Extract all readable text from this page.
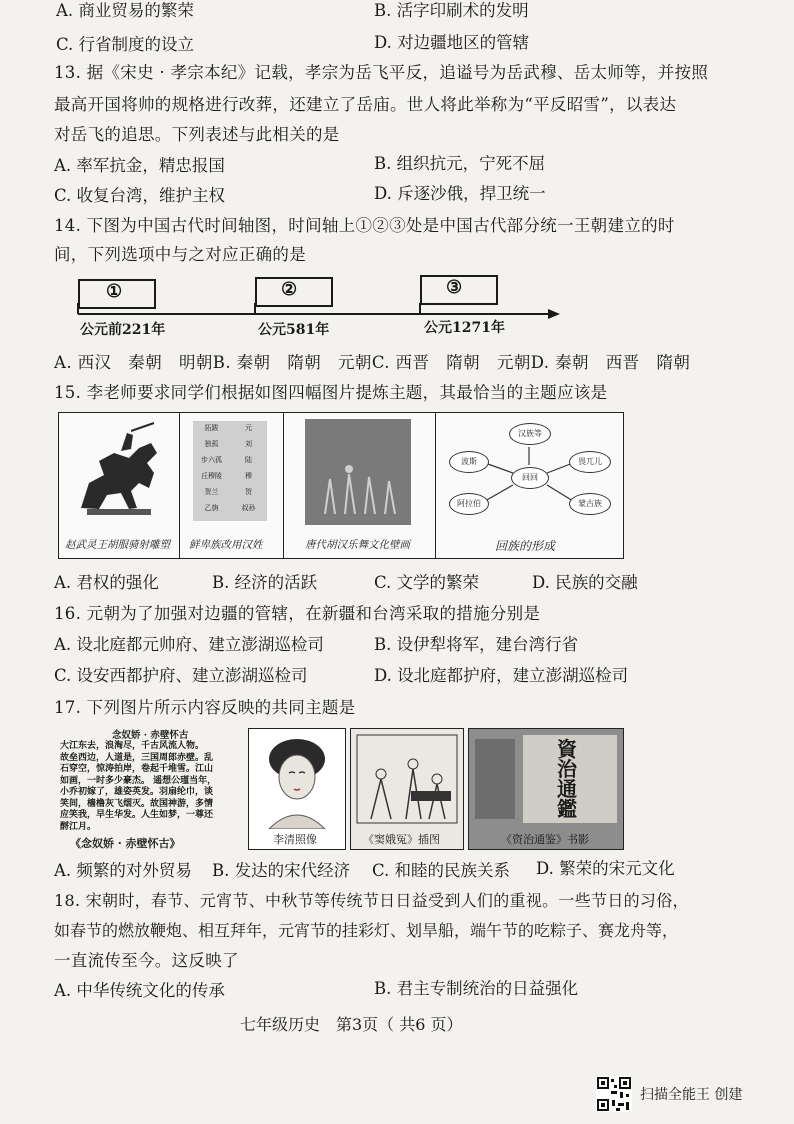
A. 商业贸易的繁荣	B. 活字印刷术的发明
C. 行省制度的设立	D. 对边疆地区的管辖
13. 据《宋史 · 孝宗本纪》记载，孝宗为岳飞平反，追谥号为岳武穆、岳太师等，并按照
最高开国将帅的规格进行改葬，还建立了岳庙。世人将此举称为“平反昭雪”，以表达
对岳飞的追思。下列表述与此相关的是
A. 率军抗金，精忠报国	B. 组织抗元，宁死不屈
C. 收复台湾，维护主权	D. 斥逐沙俄，捍卫统一
14. 下图为中国古代时间轴图，时间轴上①②③处是中国古代部分统一王朝建立的时
间，下列选项中与之对应正确的是
①	②	③
公元前221年	公元581年	公元1271年
A. 西汉　秦朝　明朝B. 秦朝　隋朝　元朝C. 西晋　隋朝　元朝D. 秦朝　西晋　隋朝
15. 李老师要求同学们根据如图四幅图片提炼主题，其最恰当的主题应该是
赵武灵王胡服骑射雕塑
拓跋	元
独孤	刘
步六孤	陆
丘穆陵	穆
贺兰	贺
乙旃	叔孙
鲜卑族改用汉姓	唐代胡汉乐舞文化壁画
汉族等
波斯
回回
畏兀儿
阿拉伯	蒙古族
回族的形成
A. 君权的强化	B. 经济的活跃	C. 文学的繁荣	D. 民族的交融
16. 元朝为了加强对边疆的管辖，在新疆和台湾采取的措施分别是
A. 设北庭都元帅府、建立澎湖巡检司	B. 设伊犁将军，建台湾行省
C. 设安西都护府、建立澎湖巡检司	D. 设北庭都护府，建立澎湖巡检司
17. 下列图片所示内容反映的共同主题是
念奴娇 · 赤壁怀古
大江东去，浪淘尽，千古风流人物。
故垒西边，人道是，三国周郎赤壁。乱
石穿空，惊涛拍岸，卷起千堆雪。江山
如画，一时多少豪杰。 遥想公瑾当年，
小乔初嫁了，雄姿英发。羽扇纶巾，谈
笑间，樯橹灰飞烟灭。故国神游，多情
应笑我，早生华发。人生如梦，一尊还
酹江月。
《念奴娇 · 赤壁怀古》	李清照像	《窦娥冤》插图
資治通鑑
《资治通鉴》书影
A. 频繁的对外贸易 B. 发达的宋代经济 C. 和睦的民族关系 D. 繁荣的宋元文化
18. 宋朝时，春节、元宵节、中秋节等传统节日日益受到人们的重视。一些节日的习俗，
如春节的燃放鞭炮、相互拜年，元宵节的挂彩灯、划旱船，端午节的吃粽子、赛龙舟等，
一直流传至今。这反映了
A. 中华传统文化的传承	B. 君主专制统治的日益强化
七年级历史　第3页（ 共6 页）
扫描全能王 创建
